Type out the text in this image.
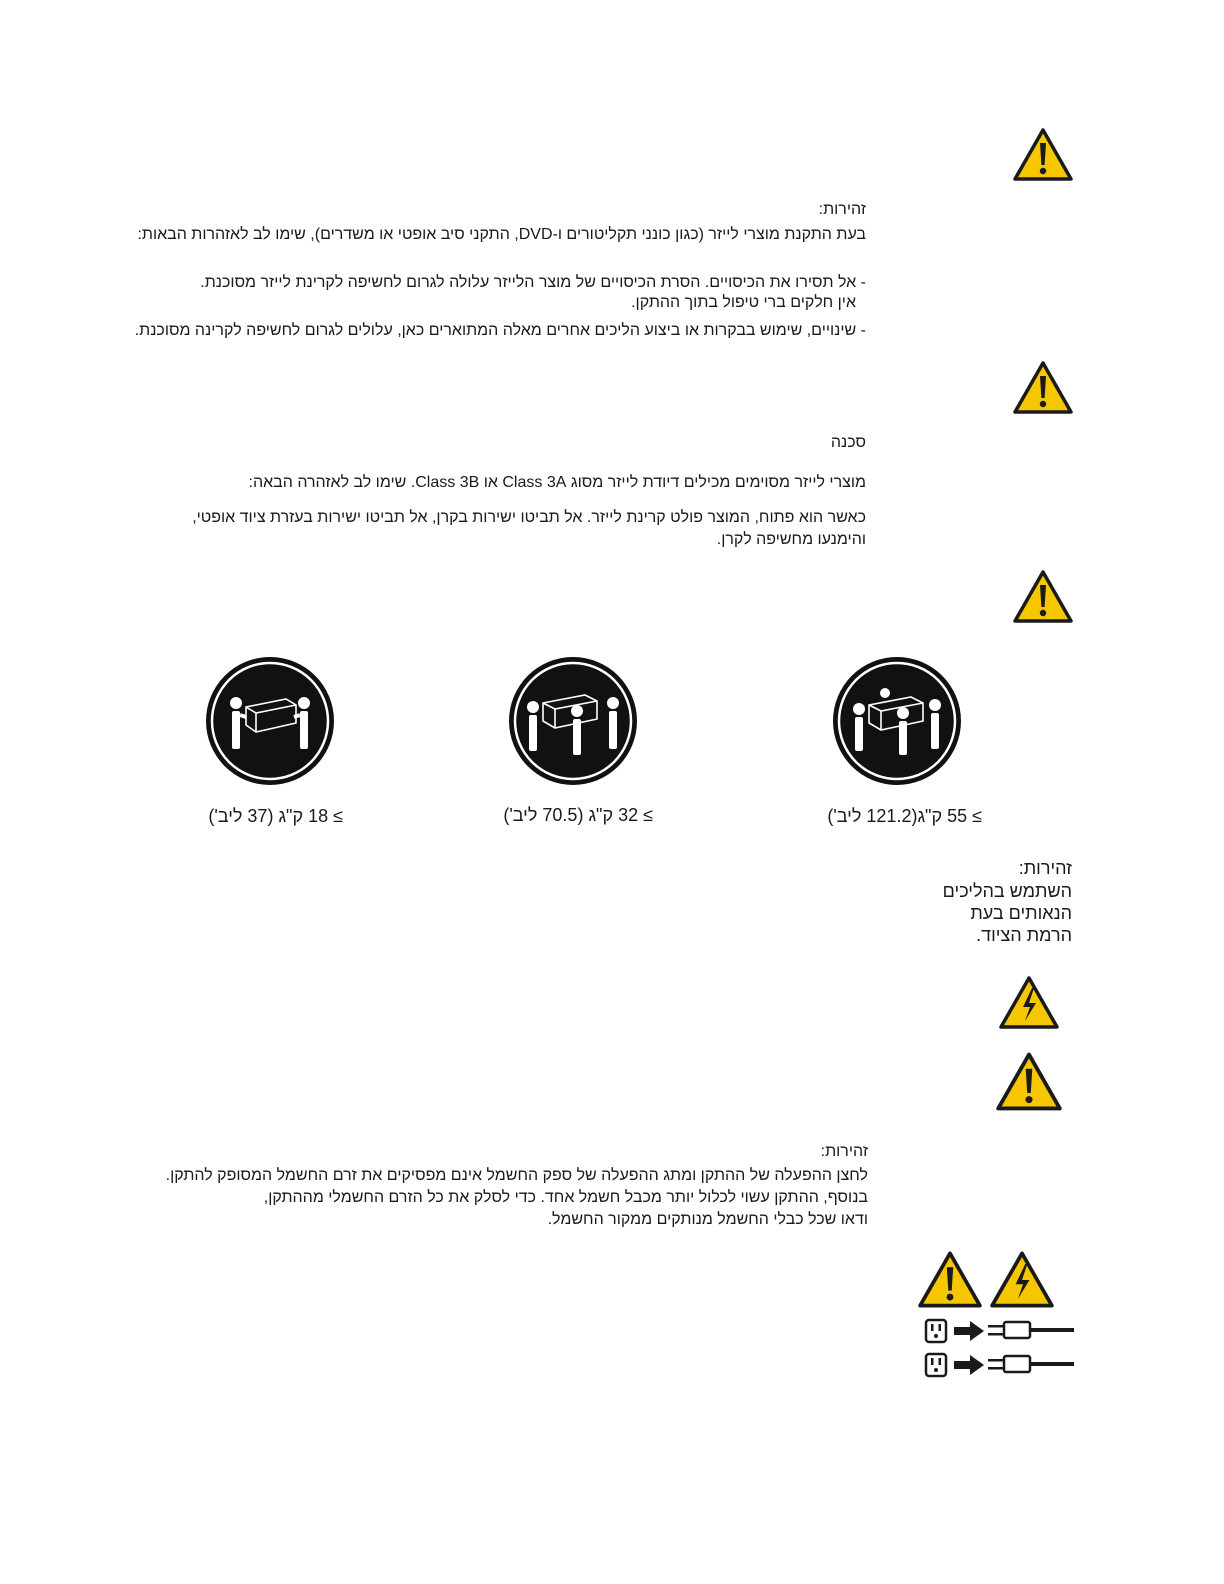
זהירות:
בעת התקנת מוצרי לייזר (כגון כונני תקליטורים ו-DVD, התקני סיב אופטי או משדרים), שימו לב לאזהרות הבאות:
- אל תסירו את הכיסויים. הסרת הכיסויים של מוצר הלייזר עלולה לגרום לחשיפה לקרינת לייזר מסוכנת.
אין חלקים ברי טיפול בתוך ההתקן.
- שינויים, שימוש בבקרות או ביצוע הליכים אחרים מאלה המתוארים כאן, עלולים לגרום לחשיפה לקרינה מסוכנת.
סכנה
מוצרי לייזר מסוימים מכילים דיודת לייזר מסוג Class 3A או Class 3B. שימו לב לאזהרה הבאה:
כאשר הוא פתוח, המוצר פולט קרינת לייזר. אל תביטו ישירות בקרן, אל תביטו ישירות בעזרת ציוד אופטי,
והימנעו מחשיפה לקרן.
≥ 18 ק"ג (37 ליב')	≥ 32 ק"ג (70.5 ליב')	≥ 55 ק"ג(121.2 ליב')
זהירות:
השתמש בהליכים
הנאותים בעת
הרמת הציוד.
זהירות:
לחצן ההפעלה של ההתקן ומתג ההפעלה של ספק החשמל אינם מפסיקים את זרם החשמל המסופק להתקן.
בנוסף, ההתקן עשוי לכלול יותר מכבל חשמל אחד. כדי לסלק את כל הזרם החשמלי מההתקן,
ודאו שכל כבלי החשמל מנותקים ממקור החשמל.
